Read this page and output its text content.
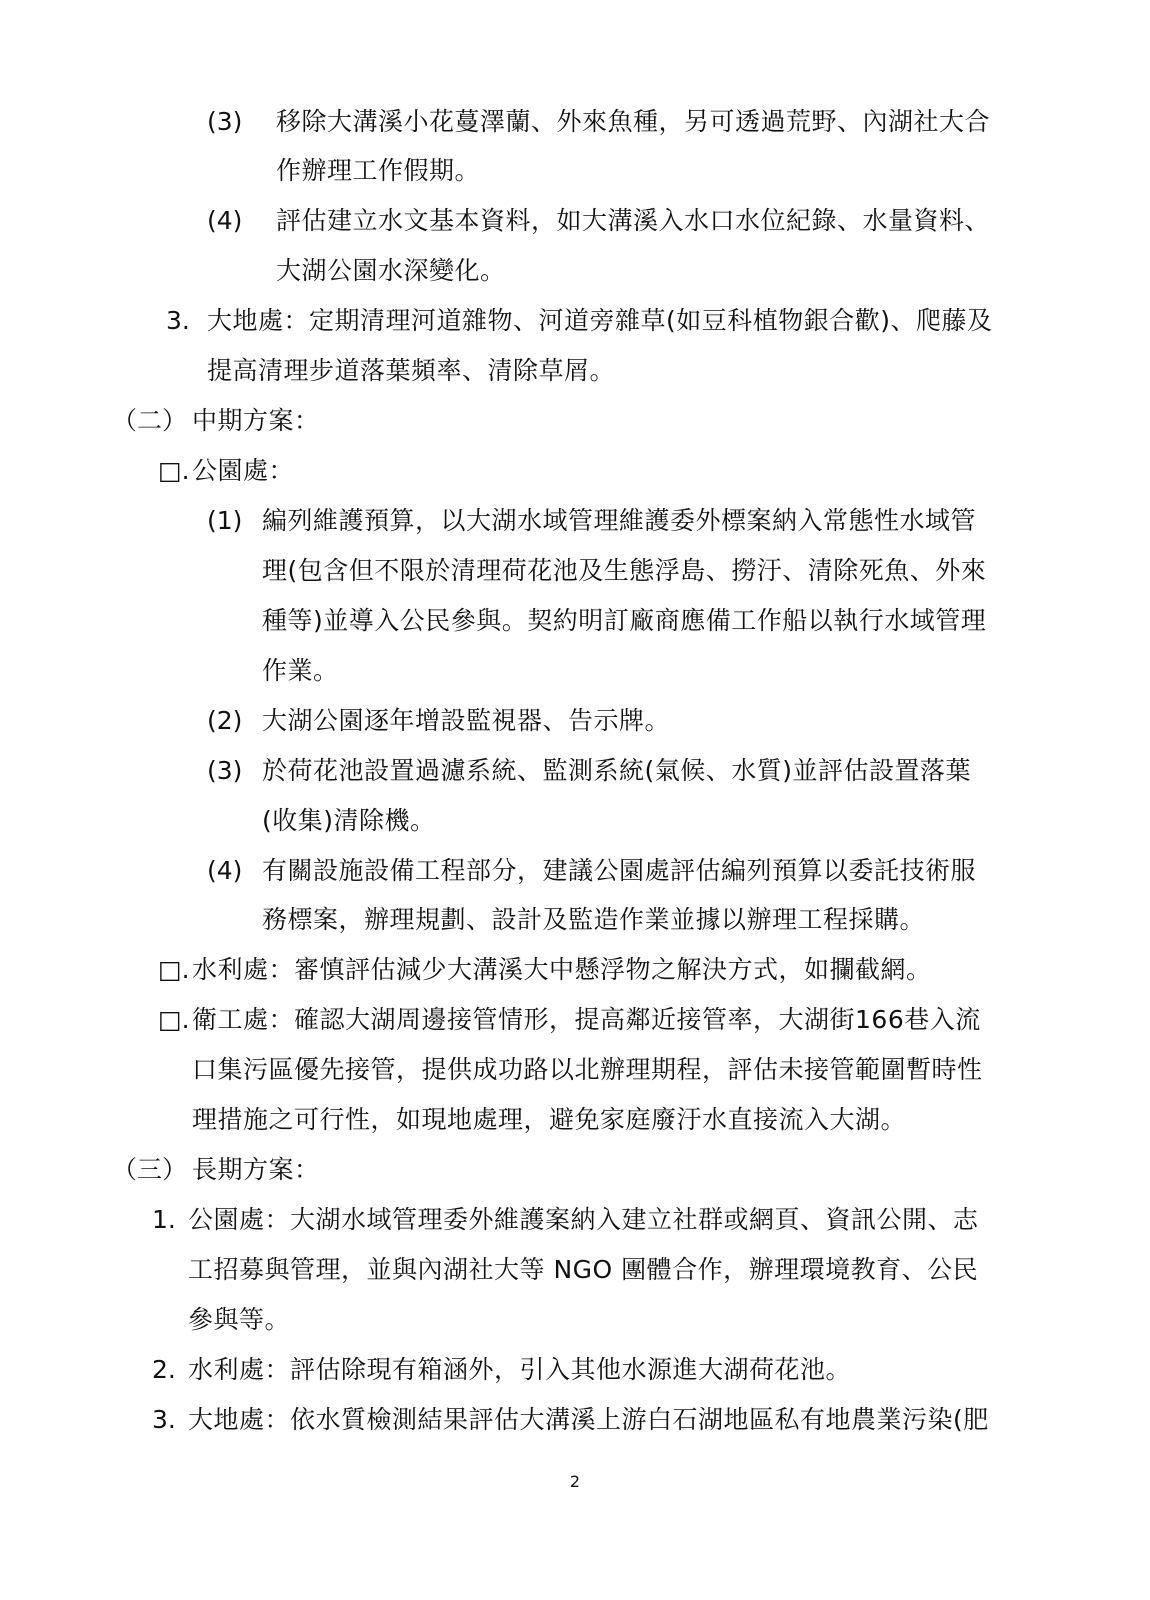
(3) 移除大溝溪小花蔓澤蘭、外來魚種，另可透過荒野、內湖社大合
作辦理工作假期。
(4) 評估建立水文基本資料，如大溝溪入水口水位紀錄、水量資料、
大湖公園水深變化。
3. 大地處：定期清理河道雜物、河道旁雜草(如豆科植物銀合歡)、爬藤及
提高清理步道落葉頻率、清除草屑。
（二） 中期方案：
□. 公園處：
(1) 編列維護預算，以大湖水域管理維護委外標案納入常態性水域管
理(包含但不限於清理荷花池及生態浮島、撈汙、清除死魚、外來
種等)並導入公民參與。契約明訂廠商應備工作船以執行水域管理
作業。
(2) 大湖公園逐年增設監視器、告示牌。
(3) 於荷花池設置過濾系統、監測系統(氣候、水質)並評估設置落葉
(收集)清除機。
(4) 有關設施設備工程部分，建議公園處評估編列預算以委託技術服
務標案，辦理規劃、設計及監造作業並據以辦理工程採購。
□. 水利處：審慎評估減少大溝溪大中懸浮物之解決方式，如攔截網。
□. 衛工處：確認大湖周邊接管情形，提高鄰近接管率，大湖街166巷入流
口集污區優先接管，提供成功路以北辦理期程，評估未接管範圍暫時性
理措施之可行性，如現地處理，避免家庭廢汙水直接流入大湖。
（三） 長期方案：
1. 公園處：大湖水域管理委外維護案納入建立社群或網頁、資訊公開、志
工招募與管理，並與內湖社大等 NGO 團體合作，辦理環境教育、公民
參與等。
2. 水利處：評估除現有箱涵外，引入其他水源進大湖荷花池。
3. 大地處：依水質檢測結果評估大溝溪上游白石湖地區私有地農業污染(肥
2
